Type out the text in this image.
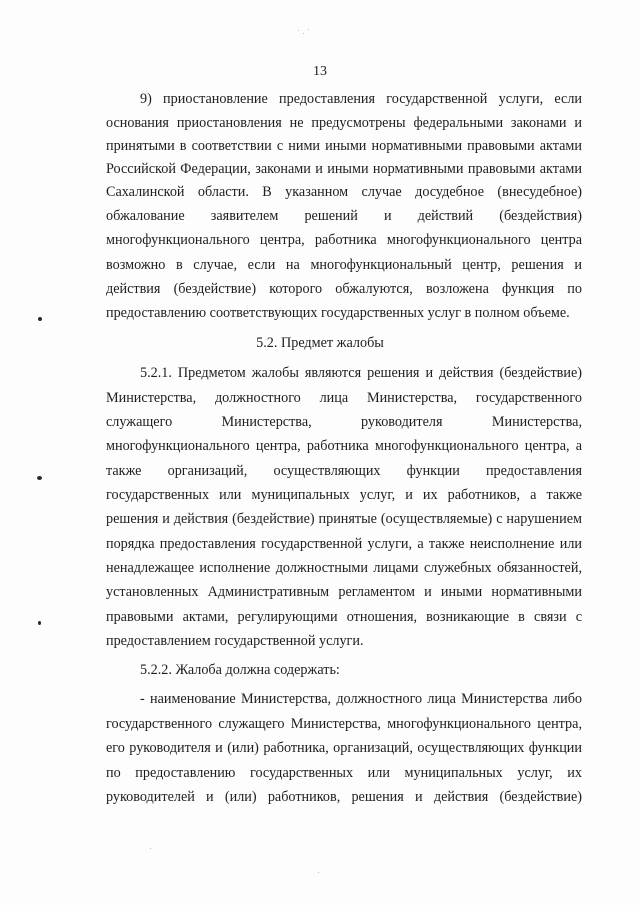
13
9) приостановление предоставления государственной услуги, если
основания приостановления не предусмотрены федеральными законами и
принятыми в соответствии с ними иными нормативными правовыми актами
Российской Федерации, законами и иными нормативными правовыми актами
Сахалинской области. В указанном случае досудебное (внесудебное)
обжалование заявителем решений и действий (бездействия)
многофункционального центра, работника многофункционального центра
возможно в случае, если на многофункциональный центр, решения и
действия (бездействие) которого обжалуются, возложена функция по
предоставлению соответствующих государственных услуг в полном объеме.
5.2. Предмет жалобы
5.2.1. Предметом жалобы являются решения и действия (бездействие)
Министерства, должностного лица Министерства, государственного
служащего Министерства, руководителя Министерства,
многофункционального центра, работника многофункционального центра, а
также организаций, осуществляющих функции предоставления
государственных или муниципальных услуг, и их работников, а также
решения и действия (бездействие) принятые (осуществляемые) с нарушением
порядка предоставления государственной услуги, а также неисполнение или
ненадлежащее исполнение должностными лицами служебных обязанностей,
установленных Административным регламентом и иными нормативными
правовыми актами, регулирующими отношения, возникающие в связи с
предоставлением государственной услуги.
5.2.2. Жалоба должна содержать:
- наименование Министерства, должностного лица Министерства либо
государственного служащего Министерства, многофункционального центра,
его руководителя и (или) работника, организаций, осуществляющих функции
по предоставлению государственных или муниципальных услуг, их
руководителей и (или) работников, решения и действия (бездействие)
